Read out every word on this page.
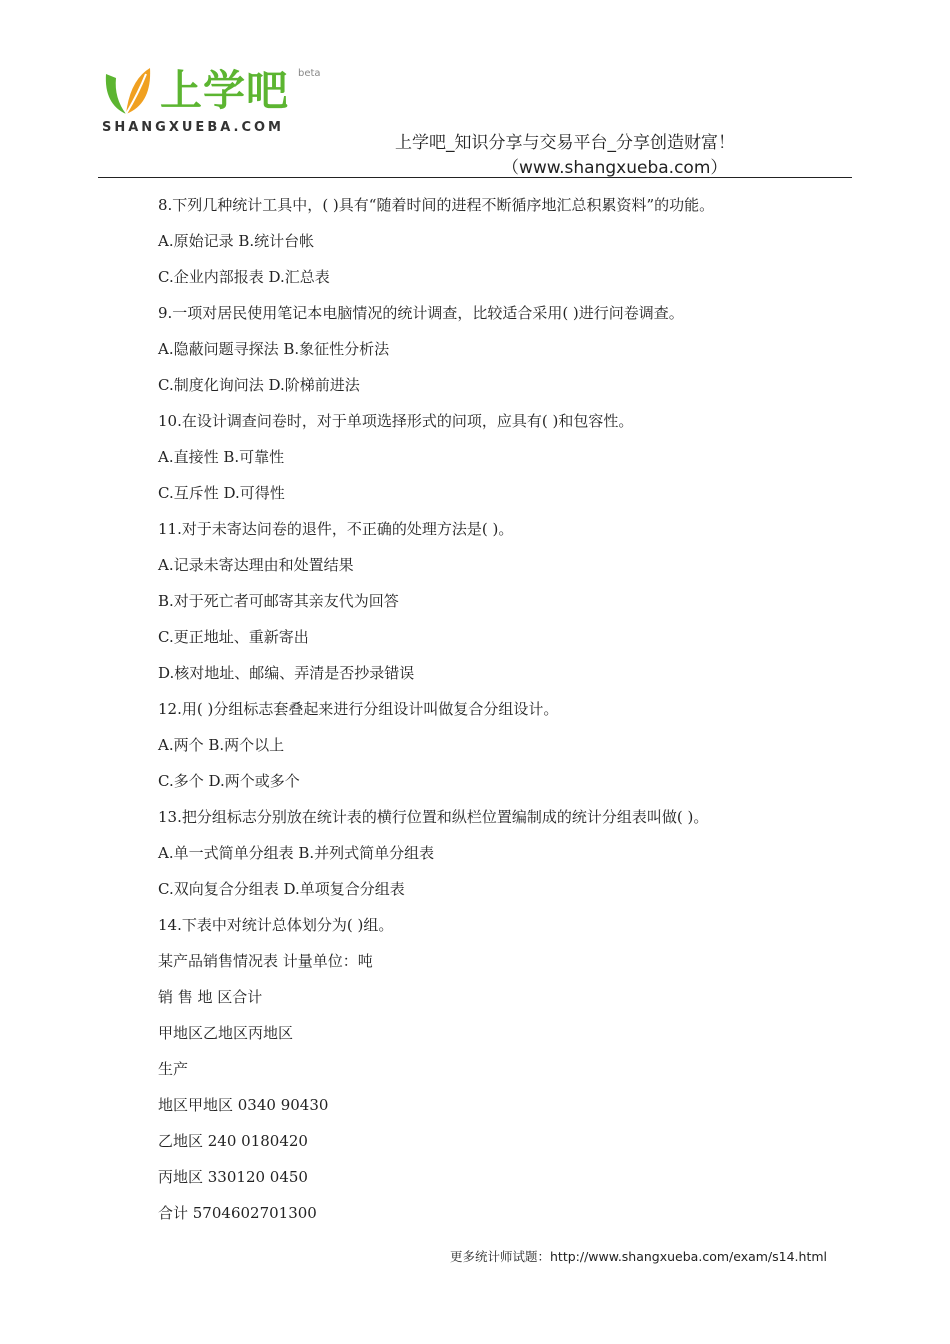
上学吧 beta
SHANGXUEBA.COM
上学吧_知识分享与交易平台_分享创造财富！
（www.shangxueba.com）
8.下列几种统计工具中，( )具有“随着时间的进程不断循序地汇总积累资料”的功能。
A.原始记录 B.统计台帐
C.企业内部报表 D.汇总表
9.一项对居民使用笔记本电脑情况的统计调查，比较适合采用( )进行问卷调查。
A.隐蔽问题寻探法 B.象征性分析法
C.制度化询问法 D.阶梯前进法
10.在设计调查问卷时，对于单项选择形式的问项，应具有( )和包容性。
A.直接性 B.可靠性
C.互斥性 D.可得性
11.对于未寄达问卷的退件，不正确的处理方法是( )。
A.记录未寄达理由和处置结果
B.对于死亡者可邮寄其亲友代为回答
C.更正地址、重新寄出
D.核对地址、邮编、弄清是否抄录错误
12.用( )分组标志套叠起来进行分组设计叫做复合分组设计。
A.两个 B.两个以上
C.多个 D.两个或多个
13.把分组标志分别放在统计表的横行位置和纵栏位置编制成的统计分组表叫做( )。
A.单一式简单分组表 B.并列式简单分组表
C.双向复合分组表 D.单项复合分组表
14.下表中对统计总体划分为( )组。
某产品销售情况表 计量单位：吨
销 售 地 区合计
甲地区乙地区丙地区
生产
地区甲地区 0340 90430
乙地区 240 0180420
丙地区 330120 0450
合计 5704602701300
更多统计师试题：http://www.shangxueba.com/exam/s14.html
